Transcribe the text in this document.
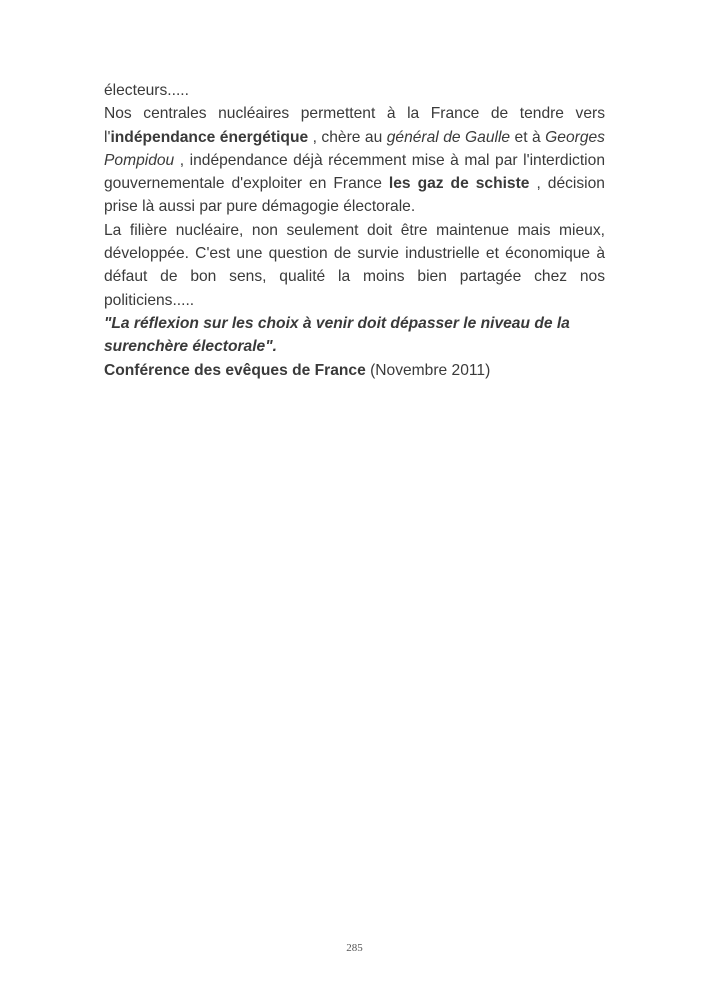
électeurs.....

Nos centrales nucléaires permettent à la France de tendre vers l'indépendance énergétique , chère au général de Gaulle et à Georges Pompidou , indépendance déjà récemment mise à mal par l'interdiction gouvernementale d'exploiter en France les gaz de schiste , décision prise là aussi par pure démagogie électorale.

La filière nucléaire, non seulement doit être maintenue mais mieux, développée. C'est une question de survie industrielle et économique à défaut de bon sens, qualité la moins bien partagée chez nos politiciens.....

"La réflexion sur les choix à venir doit dépasser le niveau de la surenchère électorale".

Conférence des evêques de France (Novembre 2011)

285
